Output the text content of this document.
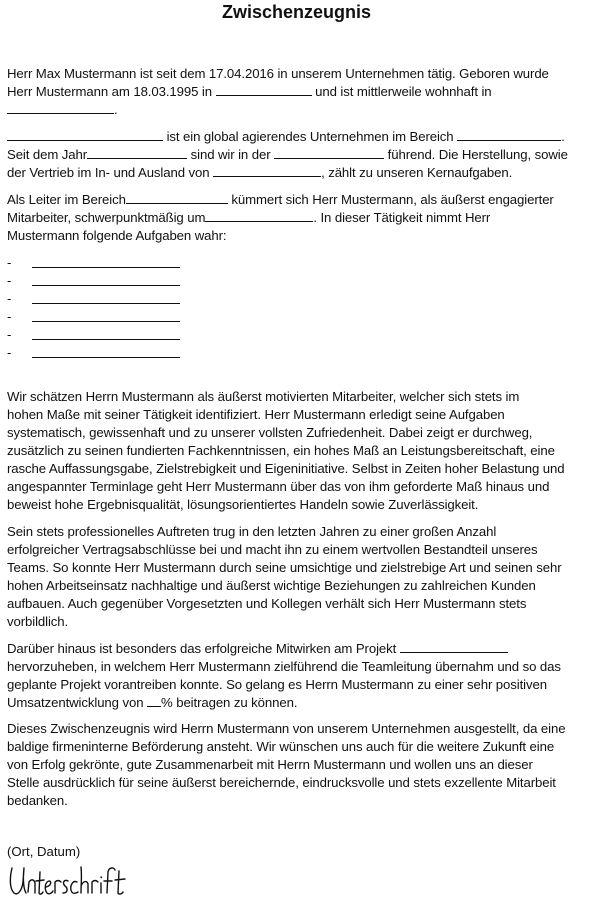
Zwischenzeugnis
Herr Max Mustermann ist seit dem 17.04.2016 in unserem Unternehmen tätig. Geboren wurde
Herr Mustermann am 18.03.1995 in	und ist mittlerweile wohnhaft in
.
ist ein global agierendes Unternehmen im Bereich	.
Seit dem Jahr	sind wir in der	führend. Die Herstellung, sowie
der Vertrieb im In- und Ausland von	, zählt zu unseren Kernaufgaben.
Als Leiter im Bereich	kümmert sich Herr Mustermann, als äußerst engagierter
Mitarbeiter, schwerpunktmäßig um	. In dieser Tätigkeit nimmt Herr
Mustermann folgende Aufgaben wahr:
-
-
-
-
-
-
Wir schätzen Herrn Mustermann als äußerst motivierten Mitarbeiter, welcher sich stets im
hohen Maße mit seiner Tätigkeit identifiziert. Herr Mustermann erledigt seine Aufgaben
systematisch, gewissenhaft und zu unserer vollsten Zufriedenheit. Dabei zeigt er durchweg,
zusätzlich zu seinen fundierten Fachkenntnissen, ein hohes Maß an Leistungsbereitschaft, eine
rasche Auffassungsgabe, Zielstrebigkeit und Eigeninitiative. Selbst in Zeiten hoher Belastung und
angespannter Terminlage geht Herr Mustermann über das von ihm geforderte Maß hinaus und
beweist hohe Ergebnisqualität, lösungsorientiertes Handeln sowie Zuverlässigkeit.
Sein stets professionelles Auftreten trug in den letzten Jahren zu einer großen Anzahl
erfolgreicher Vertragsabschlüsse bei und macht ihn zu einem wertvollen Bestandteil unseres
Teams. So konnte Herr Mustermann durch seine umsichtige und zielstrebige Art und seinen sehr
hohen Arbeitseinsatz nachhaltige und äußerst wichtige Beziehungen zu zahlreichen Kunden
aufbauen. Auch gegenüber Vorgesetzten und Kollegen verhält sich Herr Mustermann stets
vorbildlich.
Darüber hinaus ist besonders das erfolgreiche Mitwirken am Projekt
hervorzuheben, in welchem Herr Mustermann zielführend die Teamleitung übernahm und so das
geplante Projekt vorantreiben konnte. So gelang es Herrn Mustermann zu einer sehr positiven
Umsatzentwicklung von % beitragen zu können.
Dieses Zwischenzeugnis wird Herrn Mustermann von unserem Unternehmen ausgestellt, da eine
baldige firmeninterne Beförderung ansteht. Wir wünschen uns auch für die weitere Zukunft eine
von Erfolg gekrönte, gute Zusammenarbeit mit Herrn Mustermann und wollen uns an dieser
Stelle ausdrücklich für seine äußerst bereichernde, eindrucksvolle und stets exzellente Mitarbeit
bedanken.
(Ort, Datum)
